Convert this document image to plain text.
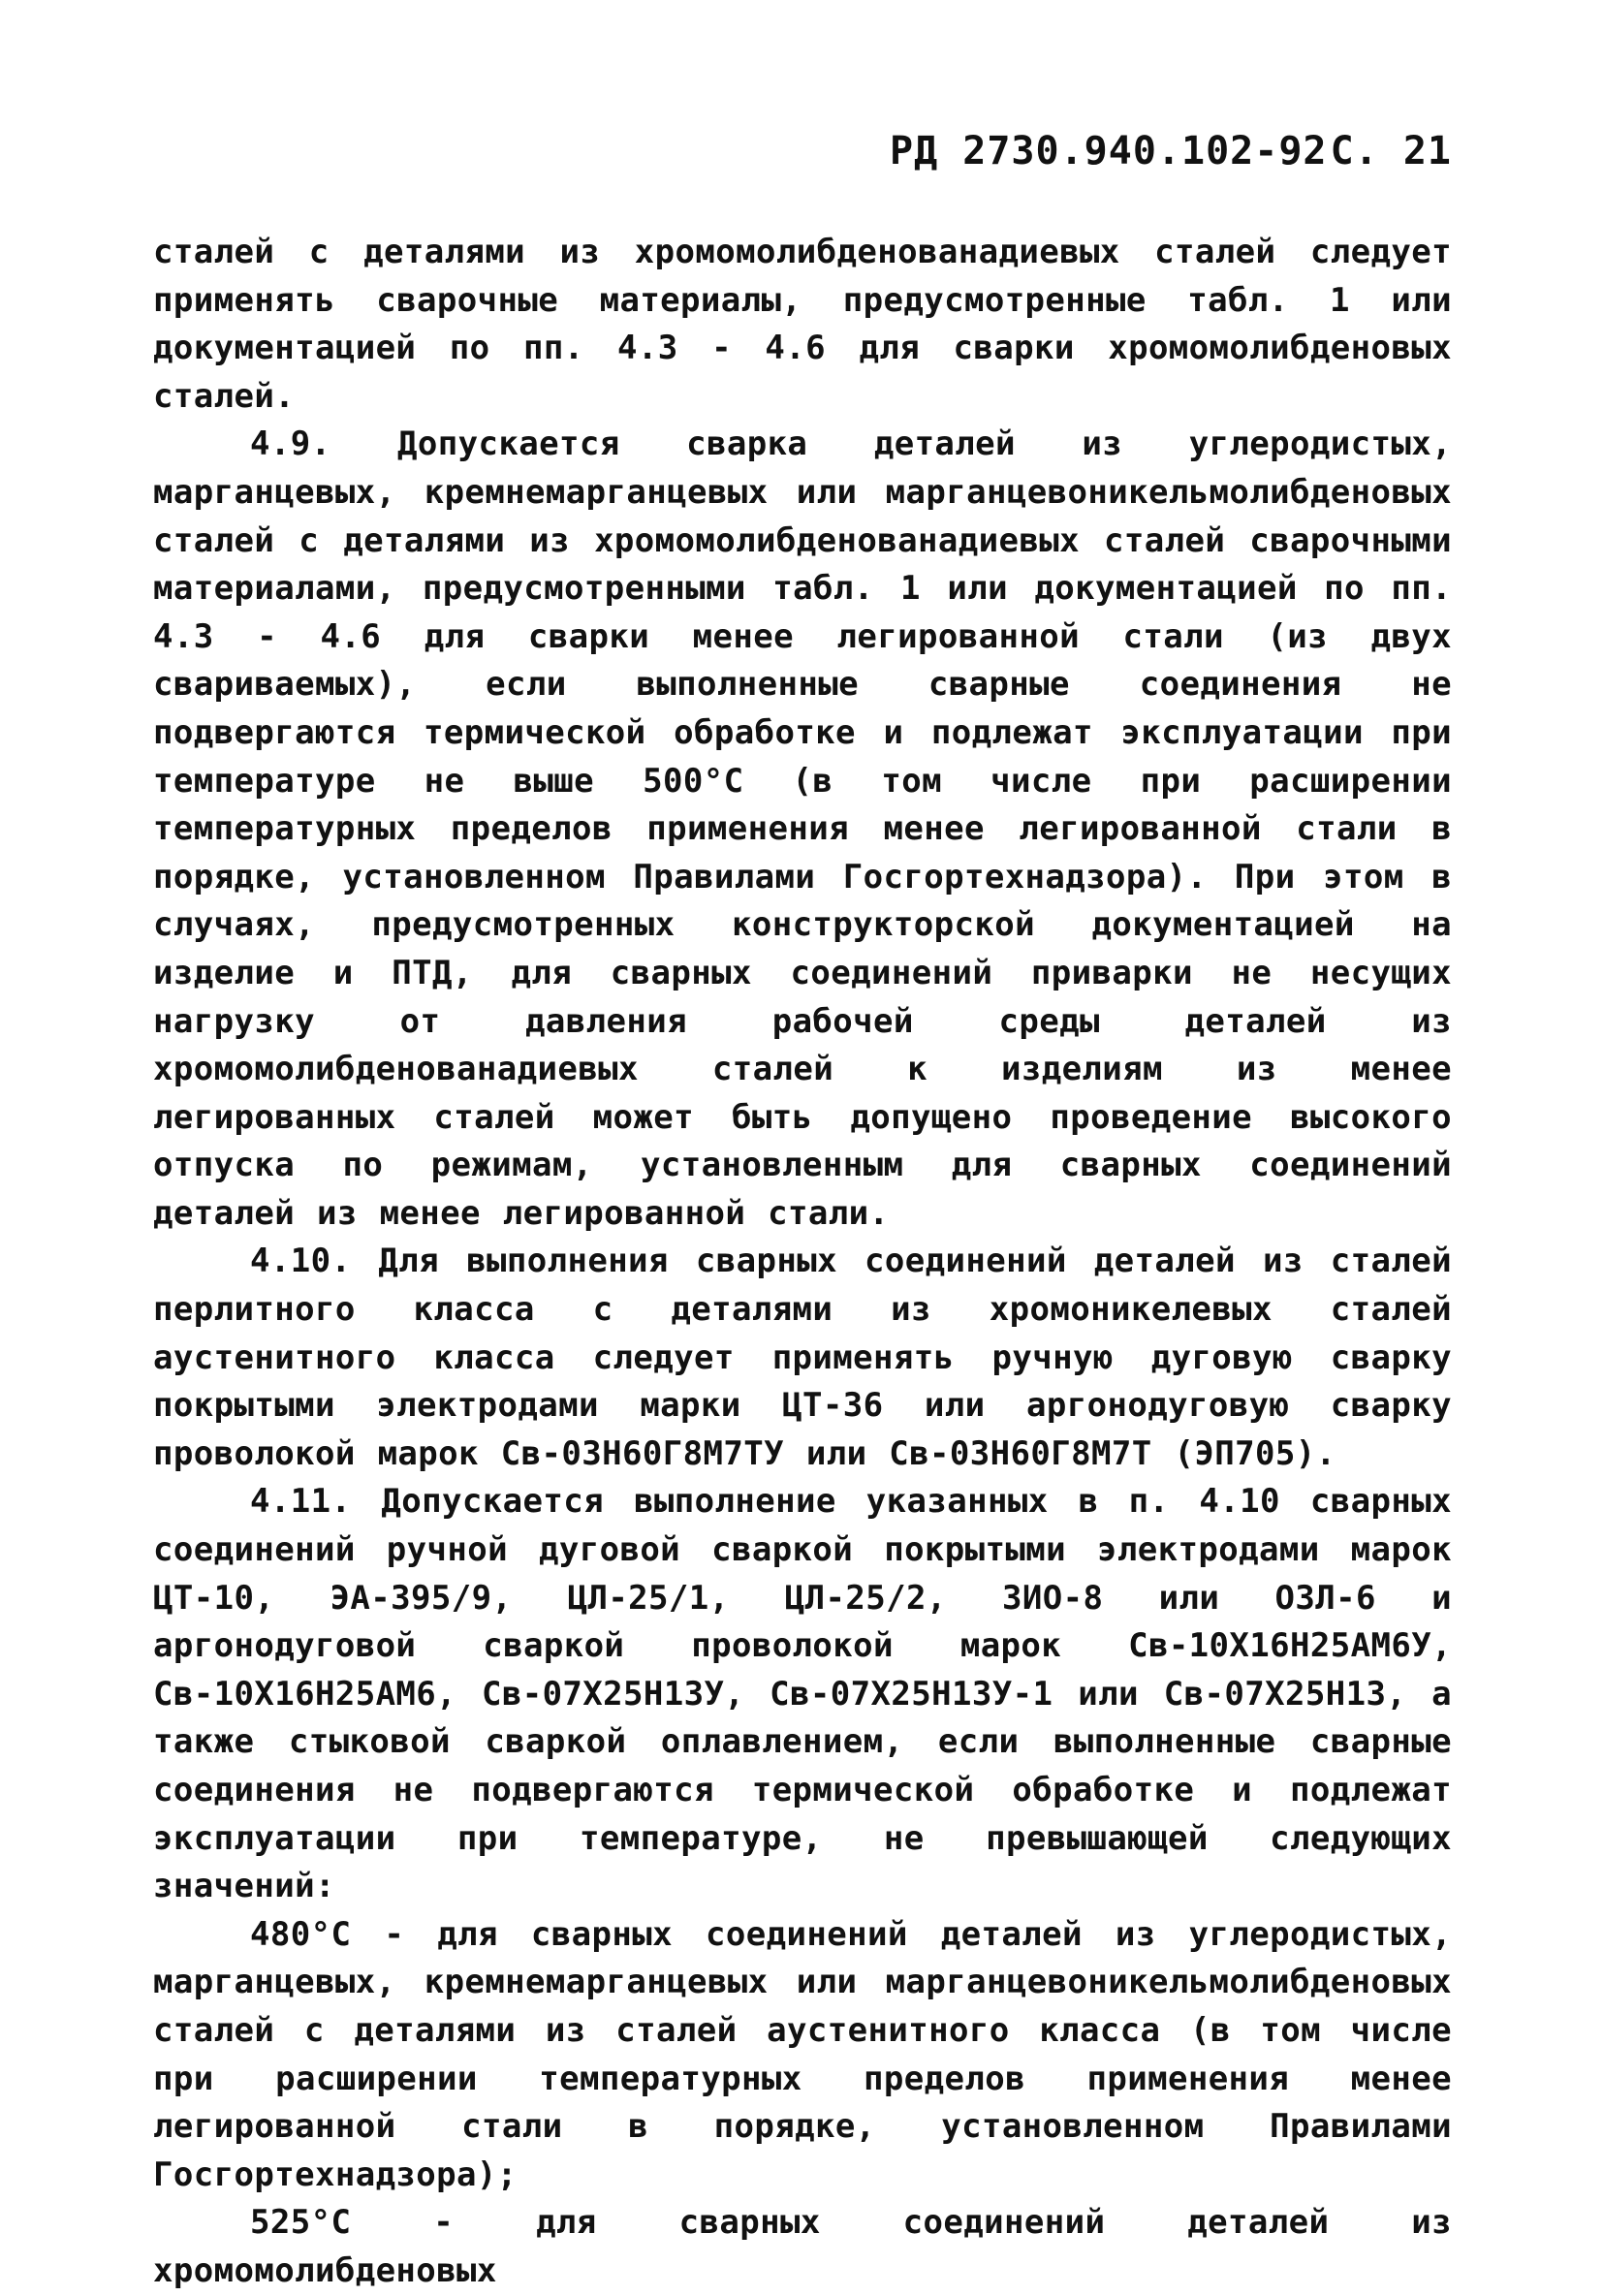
РД 2730.940.102-92 С. 21

сталей с деталями из хромомолибденованадиевых сталей следует применять сварочные материалы, предусмотренные табл. 1 или документацией по пп. 4.3 - 4.6 для сварки хромомолибденовых сталей.

4.9. Допускается сварка деталей из углеродистых, марганцевых, кремнемарганцевых или марганцевоникельмолибденовых сталей с деталями из хромомолибденованадиевых сталей сварочными материалами, предусмотренными табл. 1 или документацией по пп. 4.3 - 4.6 для сварки менее легированной стали (из двух свариваемых), если выполненные сварные соединения не подвергаются термической обработке и подлежат эксплуатации при температуре не выше 500°С (в том числе при расширении температурных пределов применения менее легированной стали в порядке, установленном Правилами Госгортехнадзора). При этом в случаях, предусмотренных конструкторской документацией на изделие и ПТД, для сварных соединений приварки не несущих нагрузку от давления рабочей среды деталей из хромомолибденованадиевых сталей к изделиям из менее легированных сталей может быть допущено проведение высокого отпуска по режимам, установленным для сварных соединений деталей из менее легированной стали.

4.10. Для выполнения сварных соединений деталей из сталей перлитного класса с деталями из хромоникелевых сталей аустенитного класса следует применять ручную дуговую сварку покрытыми электродами марки ЦТ-36 или аргонодуговую сварку проволокой марок Св-03Н60Г8М7ТУ или Св-03Н60Г8М7Т (ЭП705).

4.11. Допускается выполнение указанных в п. 4.10 сварных соединений ручной дуговой сваркой покрытыми электродами марок ЦТ-10, ЭА-395/9, ЦЛ-25/1, ЦЛ-25/2, ЗИО-8 или ОЗЛ-6 и аргонодуговой сваркой проволокой марок Св-10Х16Н25АМ6У, Св-10Х16Н25АМ6, Св-07Х25Н13У, Св-07Х25Н13У-1 или Св-07Х25Н13, а также стыковой сваркой оплавлением, если выполненные сварные соединения не подвергаются термической обработке и подлежат эксплуатации при температуре, не превышающей следующих значений:

480°С - для сварных соединений деталей из углеродистых, марганцевых, кремнемарганцевых или марганцевоникельмолибденовых сталей с деталями из сталей аустенитного класса (в том числе при расширении температурных пределов применения менее легированной стали в порядке, установленном Правилами Госгортехнадзора);

525°С - для сварных соединений деталей из хромомолибденовых
